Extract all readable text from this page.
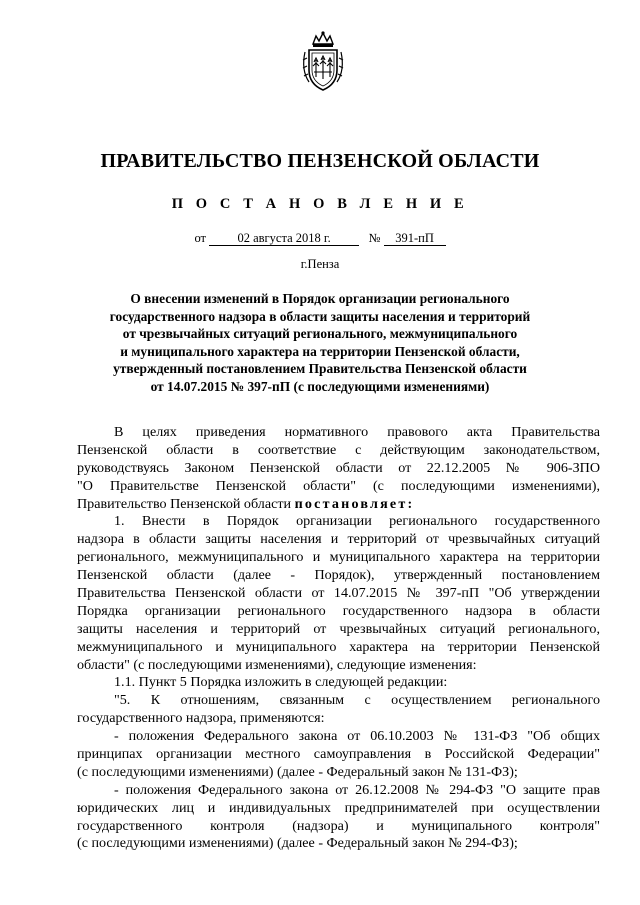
ПРАВИТЕЛЬСТВО ПЕНЗЕНСКОЙ ОБЛАСТИ
П О С Т А Н О В Л Е Н И Е
от	02 августа 2018 г.	№ 391-пП
г.Пенза
О внесении изменений в Порядок организации регионального
государственного надзора в области защиты населения и территорий
от чрезвычайных ситуаций регионального, межмуниципального
и муниципального характера на территории Пензенской области,
утвержденный постановлением Правительства Пензенской области
от 14.07.2015 № 397-пП (с последующими изменениями)
В целях приведения нормативного правового акта Правительства
Пензенской области в соответствие с действующим законодательством,
руководствуясь Законом Пензенской области от 22.12.2005 № 906-ЗПО
"О Правительстве Пензенской области" (с последующими изменениями),
Правительство Пензенской области постановляет:
1. Внести в Порядок организации регионального государственного
надзора в области защиты населения и территорий от чрезвычайных ситуаций
регионального, межмуниципального и муниципального характера на территории
Пензенской области (далее - Порядок), утвержденный постановлением
Правительства Пензенской области от 14.07.2015 № 397-пП "Об утверждении
Порядка организации регионального государственного надзора в области
защиты населения и территорий от чрезвычайных ситуаций регионального,
межмуниципального и муниципального характера на территории Пензенской
области" (с последующими изменениями), следующие изменения:
1.1. Пункт 5 Порядка изложить в следующей редакции:
"5. К отношениям, связанным с осуществлением регионального
государственного надзора, применяются:
- положения Федерального закона от 06.10.2003 № 131-ФЗ "Об общих
принципах организации местного самоуправления в Российской Федерации"
(с последующими изменениями) (далее - Федеральный закон № 131-ФЗ);
- положения Федерального закона от 26.12.2008 № 294-ФЗ "О защите прав
юридических лиц и индивидуальных предпринимателей при осуществлении
государственного контроля (надзора) и муниципального контроля"
(с последующими изменениями) (далее - Федеральный закон № 294-ФЗ);
